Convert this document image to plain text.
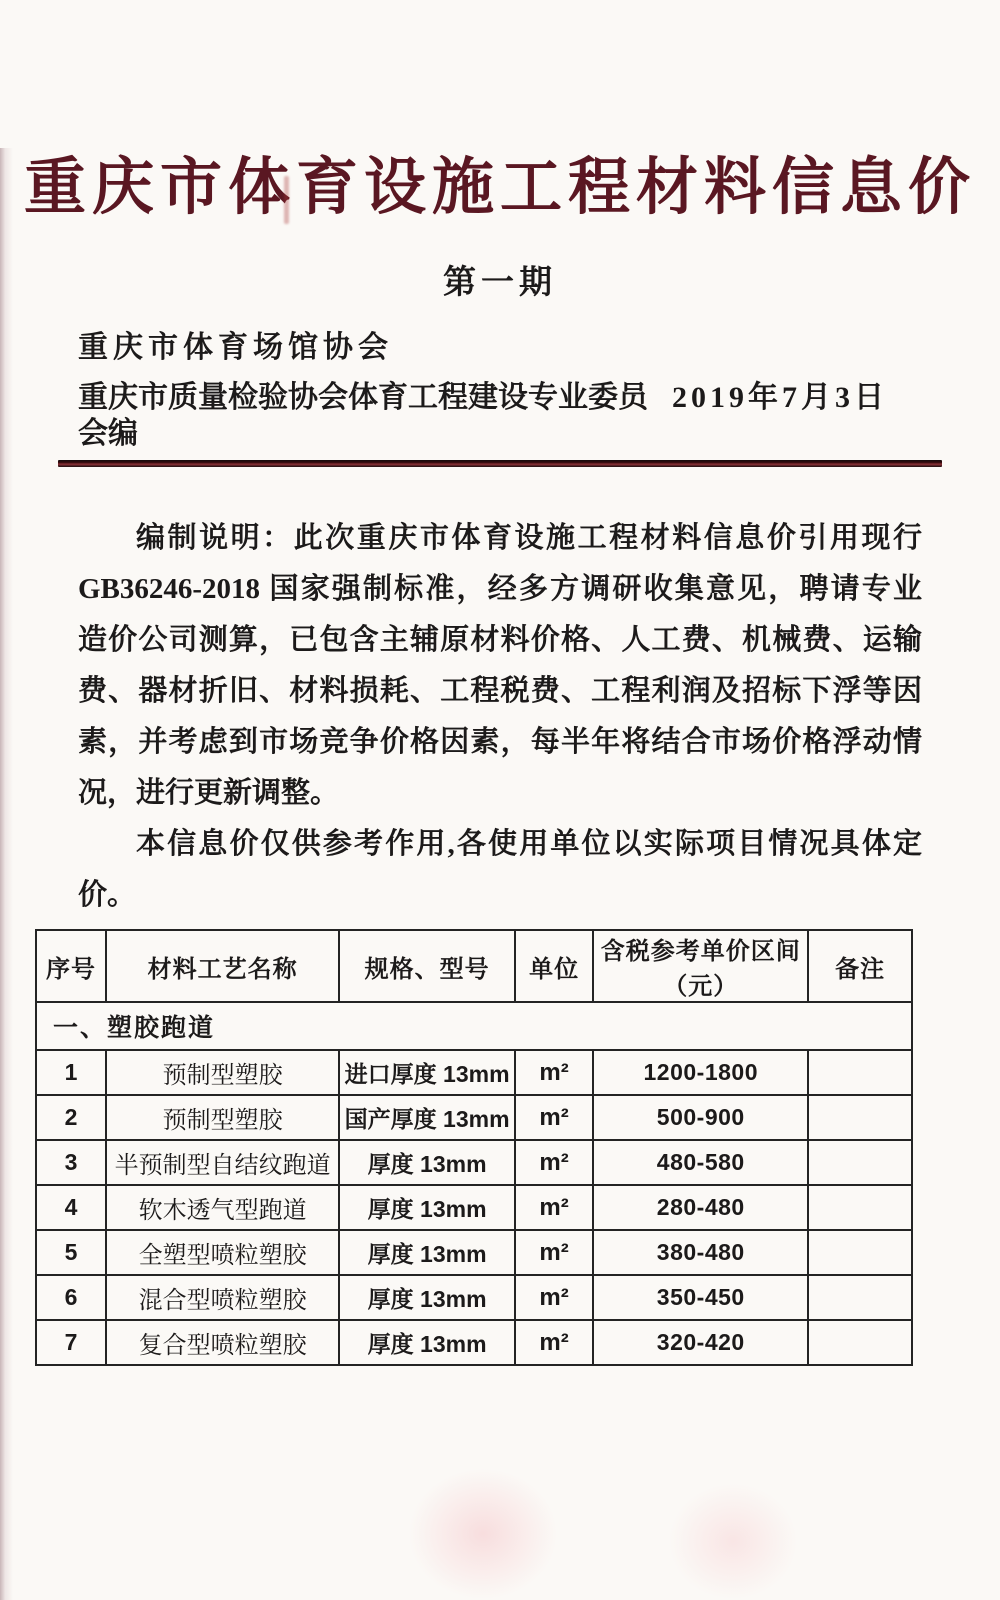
重庆市体育设施工程材料信息价
第一期
重庆市体育场馆协会
重庆市质量检验协会体育工程建设专业委员会编
2019年7月3日
编制说明：此次重庆市体育设施工程材料信息价引用现行
GB36246-2018 国家强制标准，经多方调研收集意见，聘请专业
造价公司测算，已包含主辅原材料价格、人工费、机械费、运输
费、器材折旧、材料损耗、工程税费、工程利润及招标下浮等因
素，并考虑到市场竞争价格因素，每半年将结合市场价格浮动情
况，进行更新调整。
本信息价仅供参考作用,各使用单位以实际项目情况具体定
价。
序号	材料工艺名称	规格、型号	单位	含税参考单价区间（元）	备注
一、塑胶跑道					
1	预制型塑胶	进口厚度 13mm	m²	1200-1800	
2	预制型塑胶	国产厚度 13mm	m²	500-900	
3	半预制型自结纹跑道	厚度 13mm	m²	480-580	
4	软木透气型跑道	厚度 13mm	m²	280-480	
5	全塑型喷粒塑胶	厚度 13mm	m²	380-480	
6	混合型喷粒塑胶	厚度 13mm	m²	350-450	
7	复合型喷粒塑胶	厚度 13mm	m²	320-420	
